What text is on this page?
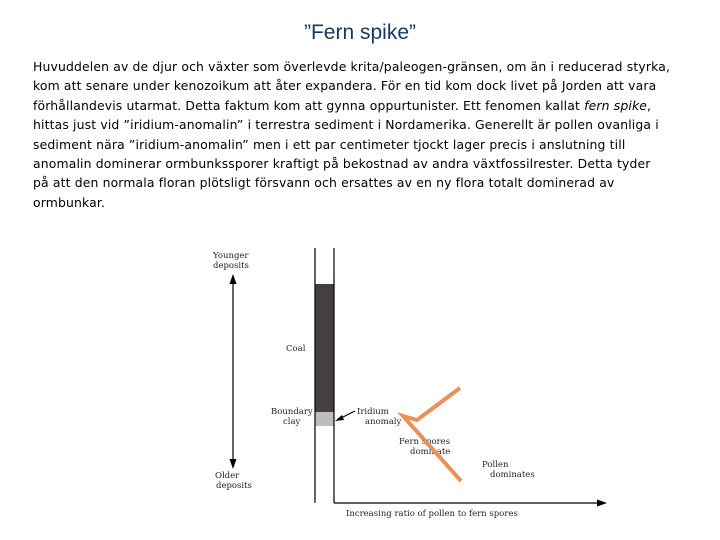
”Fern spike”

Huvuddelen av de djur och växter som överlevde krita/paleogen-gränsen, om än i reducerad styrka,
kom att senare under kenozoikum att åter expandera. För en tid kom dock livet på Jorden att vara
förhållandevis utarmat. Detta faktum kom att gynna oppurtunister. Ett fenomen kallat fern spike,
hittas just vid ”iridium-anomalin” i terrestra sediment i Nordamerika. Generellt är pollen ovanliga i
sediment nära ”iridium-anomalin” men i ett par centimeter tjockt lager precis i anslutning till
anomalin dominerar ormbunkssporer kraftigt på bekostnad av andra växtfossilrester. Detta tyder
på att den normala floran plötsligt försvann och ersattes av en ny flora totalt dominerad av
ormbunkar.

Younger
deposits
Older
deposits
Increasing ratio of pollen to fern spores
Coal
Boundary
clay
Iridium
anomaly
Fern spores
dominate
Pollen
dominates
